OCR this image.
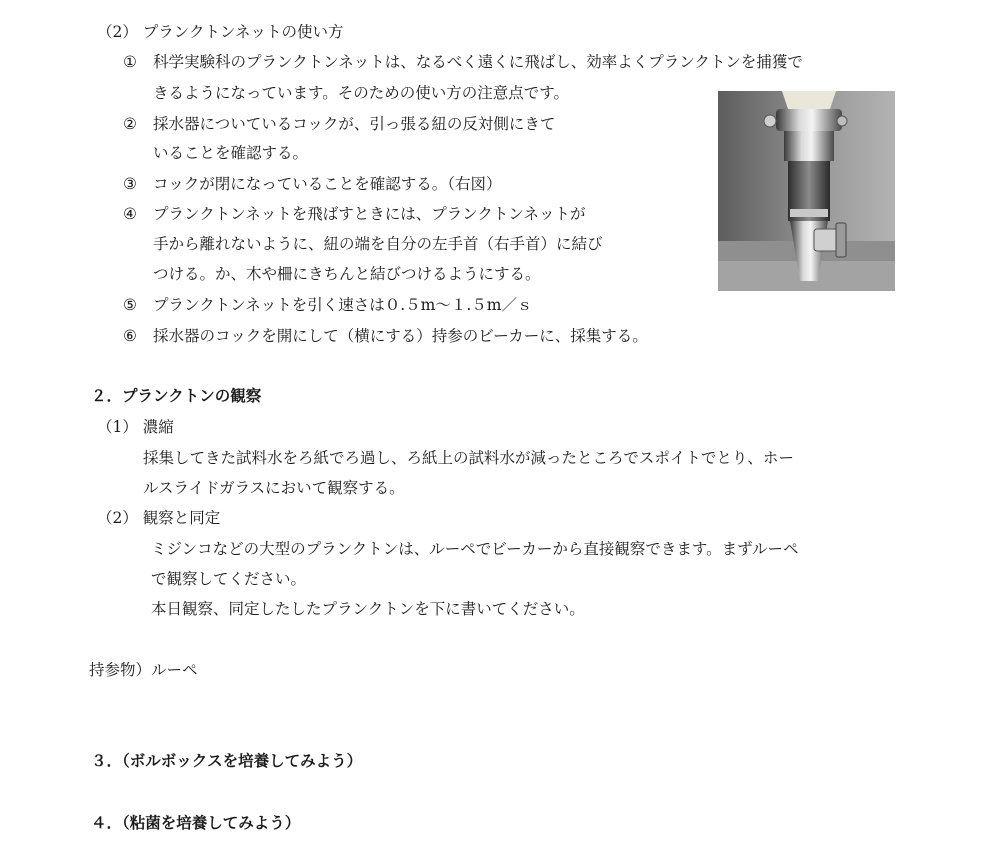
（2） プランクトンネットの使い方
① 科学実験科のプランクトンネットは、なるべく遠くに飛ばし、効率よくプランクトンを捕獲で
きるようになっています。そのための使い方の注意点です。
② 採水器についているコックが、引っ張る紐の反対側にきて
いることを確認する。
③ コックが閉になっていることを確認する。（右図）
④ プランクトンネットを飛ばすときには、プランクトンネットが
手から離れないように、紐の端を自分の左手首（右手首）に結び
つける。か、木や柵にきちんと結びつけるようにする。
⑤ プランクトンネットを引く速さは０.５m〜１.５m／ｓ
⑥ 採水器のコックを開にして（横にする）持参のビーカーに、採集する。
２．プランクトンの観察
（1） 濃縮
採集してきた試料水をろ紙でろ過し、ろ紙上の試料水が減ったところでスポイトでとり、ホー
ルスライドガラスにおいて観察する。
（2） 観察と同定
ミジンコなどの大型のプランクトンは、ルーペでビーカーから直接観察できます。まずルーペ
で観察してください。
本日観察、同定したしたプランクトンを下に書いてください。
持参物）ルーペ
３．（ボルボックスを培養してみよう）
４．（粘菌を培養してみよう）
